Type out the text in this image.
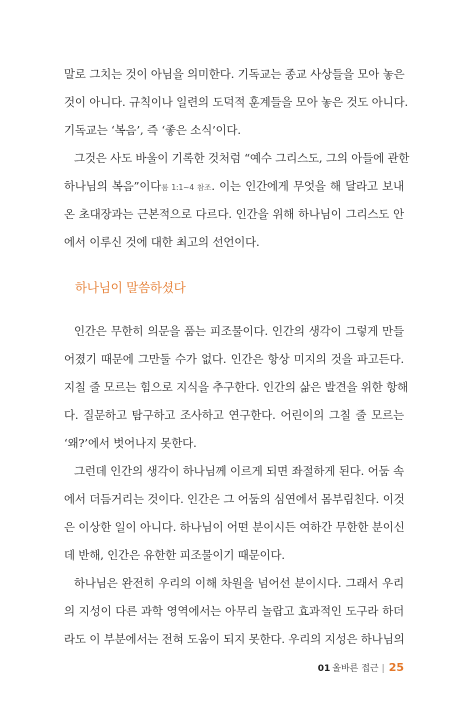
말로 그치는 것이 아님을 의미한다. 기독교는 종교 사상들을 모아 놓은
것이 아니다. 규칙이나 일련의 도덕적 훈계들을 모아 놓은 것도 아니다.
기독교는 ‘복음’, 즉 ‘좋은 소식’이다.
그것은 사도 바울이 기록한 것처럼 “예수 그리스도, 그의 아들에 관한
하나님의 복음”이다롬 1:1~4 참조. 이는 인간에게 무엇을 해 달라고 보내
온 초대장과는 근본적으로 다르다. 인간을 위해 하나님이 그리스도 안
에서 이루신 것에 대한 최고의 선언이다.
하나님이 말씀하셨다
인간은 무한히 의문을 품는 피조물이다. 인간의 생각이 그렇게 만들
어졌기 때문에 그만둘 수가 없다. 인간은 항상 미지의 것을 파고든다.
지칠 줄 모르는 힘으로 지식을 추구한다. 인간의 삶은 발견을 위한 항해
다. 질문하고 탐구하고 조사하고 연구한다. 어린이의 그칠 줄 모르는
‘왜?’에서 벗어나지 못한다.
그런데 인간의 생각이 하나님께 이르게 되면 좌절하게 된다. 어둠 속
에서 더듬거리는 것이다. 인간은 그 어둠의 심연에서 몸부림친다. 이것
은 이상한 일이 아니다. 하나님이 어떤 분이시든 여하간 무한한 분이신
데 반해, 인간은 유한한 피조물이기 때문이다.
하나님은 완전히 우리의 이해 차원을 넘어선 분이시다. 그래서 우리
의 지성이 다른 과학 영역에서는 아무리 놀랍고 효과적인 도구라 하더
라도 이 부분에서는 전혀 도움이 되지 못한다. 우리의 지성은 하나님의
01 올바른 접근 | 25
